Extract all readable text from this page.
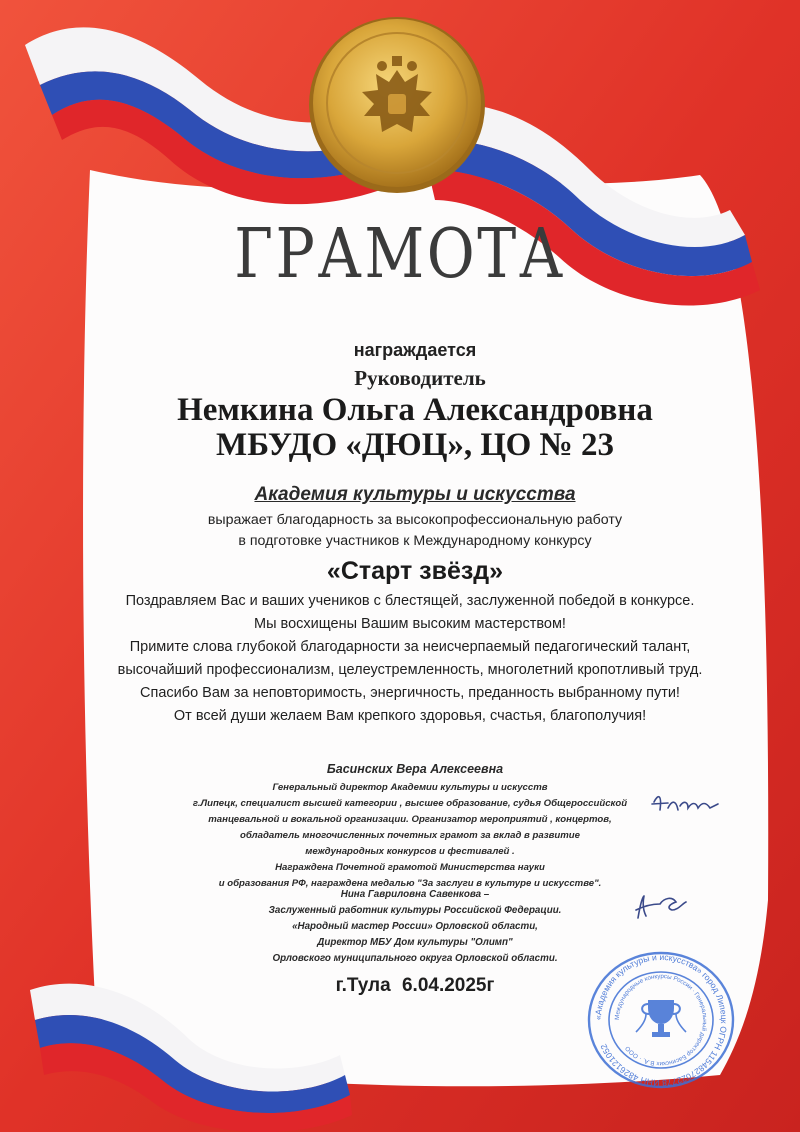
ГРАМОТА
награждается
Руководитель
Немкина Ольга Александровна
МБУДО «ДЮЦ», ЦО № 23
Академия культуры и искусства
выражает благодарность за высокопрофессиональную работу
в подготовке участников к Международному конкурсу
«Старт звёзд»
Поздравляем Вас и ваших учеников с блестящей, заслуженной победой в конкурсе.
Мы восхищены Вашим высоким мастерством!
Примите слова глубокой благодарности за неисчерпаемый педагогический талант,
высочайший профессионализм, целеустремленность, многолетний кропотливый труд.
Спасибо Вам за неповторимость, энергичность, преданность выбранному пути!
От всей души желаем Вам крепкого здоровья, счастья, благополучия!
Басинских Вера Алексеевна
Генеральный директор Академии культуры и искусств
г.Липецк, специалист высшей категории , высшее образование, судья Общероссийской
танцевальной и вокальной организации. Организатор мероприятий , концертов,
обладатель многочисленных почетных грамот за вклад в развитие
международных конкурсов и фестивалей .
Награждена Почетной грамотой Министерства науки
и образования РФ, награждена медалью "За заслуги в культуре и искусстве".
Нина Гавриловна Савенкова –
Заслуженный работник культуры Российской Федерации.
«Народный мастер России» Орловской области,
Директор МБУ Дом культуры "Олимп"
Орловского муниципального округа Орловской области.
г.Тула 6.04.2025г
«Академия культуры и искусства» город Липецк ОГРН 1154827022778 ИНН 4826121052
Международные конкурсы России · Генеральный директор Басинских В.А. · ООО
